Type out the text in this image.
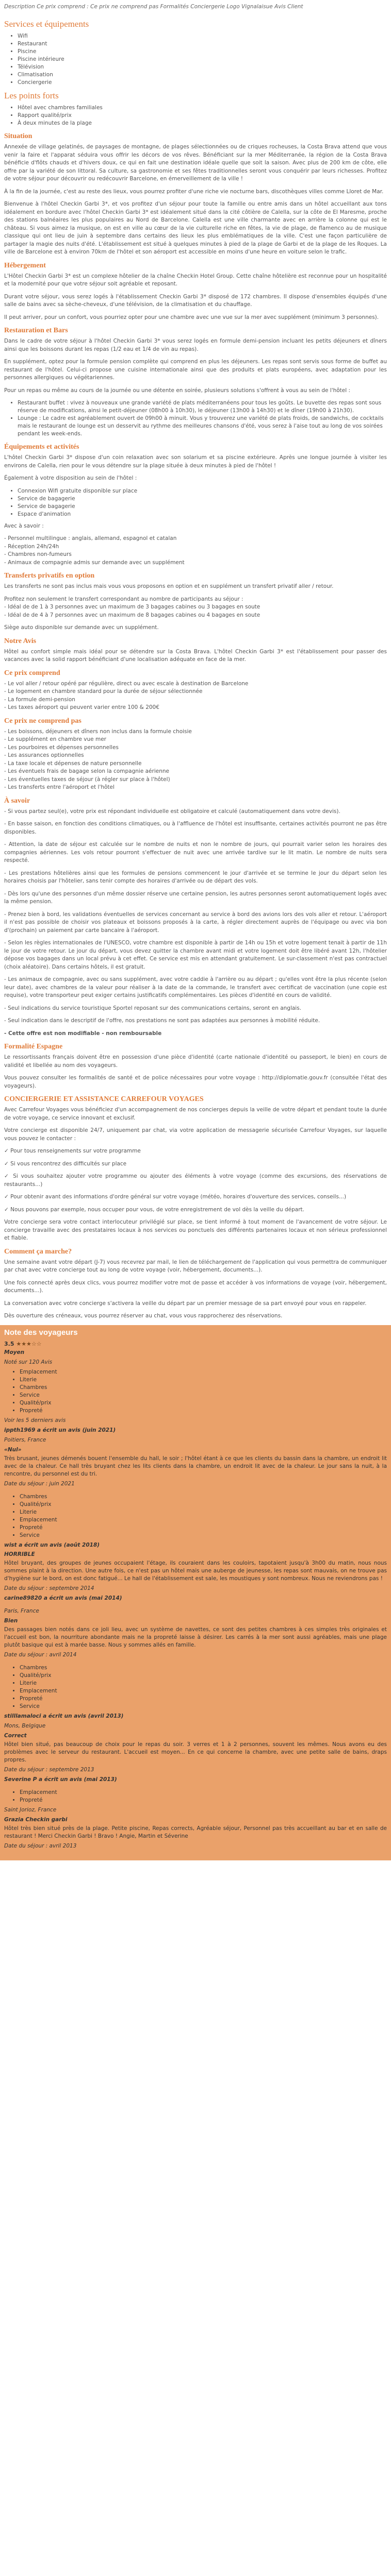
Description Ce prix comprend : Ce prix ne comprend pas Formalités Conciergerie Logo Vignalaisue Avis Client
Services et équipements
• Wifi
• Restaurant
• Piscine
• Piscine intérieure
• Télévision
• Climatisation
• Conciergerie
Les points forts
• Hôtel avec chambres familiales
• Rapport qualité/prix
• À deux minutes de la plage
Situation

Annexée de village gelatinés, de paysages de montagne, de plages sélectionnées ou de criques rocheuses, la Costa Brava attend que vous venir la faire et l'apparat séduira vous offrir les décors de vos rêves. Bénéficiant sur la mer Méditerranée, la région de la Costa Brava bénéficie d'flôts chauds et d'hivers doux, ce qui en fait une destination idéale quelle que soit la saison. Avec plus de 200 km de côte, elle offre par la variété de son littoral. Sa culture, sa gastronomie et ses fêtes traditionnelles seront vous conquérir par leurs richesses. Profitez de votre séjour pour découvrir ou redécouvrir Barcelone, en émerveillement de la ville !

À la fin de la journée, c'est au reste des lieux, vous pourrez profiter d'une riche vie nocturne bars, discothèques villes comme Lloret de Mar.

Bienvenue à l'hôtel Checkin Garbi 3*, et vos profitez d'un séjour pour toute la famille ou entre amis dans un hôtel accueillant aux tons idéalement en bordure avec l'hôtel Checkin Garbi 3* est idéalement situé dans la cité côtière de Calella, sur la côte de El Maresme, proche des stations balnéaires les plus populaires au Nord de Barcelone. Calella est une ville charmante avec en arrière la colonne qui est le château. Si vous aimez la musique, on est en ville au cœur de la vie culturelle riche en fêtes, la vie de plage, de flamenco au de musique classique qui ont lieu de juin à septembre dans certains des lieux les plus emblématiques de la ville. C'est une façon particulière de partager la magie des nuits d'été. L'établissement est situé à quelques minutes à pied de la plage de Garbi et de la plage de les Roques. La ville de Barcelone est à environ 70km de l'hôtel et son aéroport est accessible en moins d'une heure en voiture selon le trafic.

Hébergement

L'Hôtel Checkin Garbi 3* est un complexe hôtelier de la chaîne Checkin Hotel Group. Cette chaîne hôtelière est reconnue pour un hospitalité et la modernité pour que votre séjour soit agréable et reposant.

Durant votre séjour, vous serez logés à l'établissement Checkin Garbi 3* disposé de 172 chambres. Il dispose d'ensembles équipés d'une salle de bains avec sa sèche-cheveux, d'une télévision, de la climatisation et du chauffage.

Il peut arriver, pour un confort, vous pourriez opter pour une chambre avec une vue sur la mer avec supplément (minimum 3 personnes).

Restauration et Bars

Dans le cadre de votre séjour à l'hôtel Checkin Garbi 3* vous serez logés en formule demi-pension incluant les petits déjeuners et dîners ainsi que les boissons durant les repas (1/2 eau et 1/4 de vin au repas).

En supplément, optez pour la formule pension complète qui comprend en plus les déjeuners. Les repas sont servis sous forme de buffet au restaurant de l'hôtel. Celui-ci propose une cuisine internationale ainsi que des produits et plats européens, avec adaptation pour les personnes allergiques ou végétariennes.

Pour un repas ou même au cours de la journée ou une détente en soirée, plusieurs solutions s'offrent à vous au sein de l'hôtel :

• Restaurant buffet : vivez à nouveaux une grande variété de plats méditerranéens pour tous les goûts. Le buvette des repas sont sous réserve de modifications, ainsi le petit-déjeuner (08h00 à 10h30), le déjeuner (13h00 à 14h30) et le dîner (19h00 à 21h30).
• Lounge : Le cadre est agréablement ouvert de 09h00 à minuit. Vous y trouverez une variété de plats froids, de sandwichs, de cocktails mais le restaurant de lounge est un desservit au rythme des meilleures chansons d'été, vous serez à l'aise tout au long de vos soirées pendant les week-ends.
Équipements et activités

L'hôtel Checkin Garbi 3* dispose d'un coin relaxation avec son solarium et sa piscine extérieure. Après une longue journée à visiter les environs de Calella, rien pour le vous détendre sur la plage située à deux minutes à pied de l'hôtel !

Également à votre disposition au sein de l'hôtel :

• Connexion Wifi gratuite disponible sur place
• Service de bagagerie
• Service de bagagerie
• Espace d'animation

Avec à savoir :

- Personnel multilingue : anglais, allemand, espagnol et catalan
- Réception 24h/24h
- Chambres non-fumeurs
- Animaux de compagnie admis sur demande avec un supplément

Transferts privatifs en option

Les transferts ne sont pas inclus mais vous vous proposons en option et en supplément un transfert privatif aller / retour.

Profitez non seulement le transfert correspondant au nombre de participants au séjour :
- Idéal de de 1 à 3 personnes avec un maximum de 3 bagages cabines ou 3 bagages en soute
- Idéal de de 4 à 7 personnes avec un maximum de 8 bagages cabines ou 4 bagages en soute

Siège auto disponible sur demande avec un supplément.

Notre Avis

Hôtel au confort simple mais idéal pour se détendre sur la Costa Brava. L'hôtel Checkin Garbi 3* est l'établissement pour passer des vacances avec la solid rapport bénéficiant d'une localisation adéquate en face de la mer.

Ce prix comprend

- Le vol aller / retour opéré par régulière, direct ou avec escale à destination de Barcelone
- Le logement en chambre standard pour la durée de séjour sélectionnée
- La formule demi-pension
- Les taxes aéroport qui peuvent varier entre 100 & 200€

Ce prix ne comprend pas

- Les boissons, déjeuners et dîners non inclus dans la formule choisie
- Le supplément en chambre vue mer
- Les pourboires et dépenses personnelles
- Les assurances optionnelles
- La taxe locale et dépenses de nature personnelle
- Les éventuels frais de bagage selon la compagnie aérienne
- Les éventuelles taxes de séjour (à régler sur place à l'hôtel)
- Les transferts entre l'aéroport et l'hôtel

À savoir

- Si vous partez seul(e), votre prix est répondant individuelle est obligatoire et calculé (automatiquement dans votre devis).

- En basse saison, en fonction des conditions climatiques, ou à l'affluence de l'hôtel est insuffisante, certaines activités pourront ne pas être disponibles.

- Attention, la date de séjour est calculée sur le nombre de nuits et non le nombre de jours, qui pourrait varier selon les horaires des compagnies aériennes. Les vols retour pourront s'effectuer de nuit avec une arrivée tardive sur le lit matin. Le nombre de nuits sera respecté.

- Les prestations hôtelières ainsi que les formules de pensions commencent le jour d'arrivée et se termine le jour du départ selon les horaires choisis par l'hôtelier, sans tenir compte des horaires d'arrivée ou de départ des vols.

- Dès lors qu'une des personnes d'un même dossier réserve une certaine pension, les autres personnes seront automatiquement logés avec la même pension.

- Prenez bien à bord, les validations éventuelles de services concernant au service à bord des avions lors des vols aller et retour. L'aéroport il n'est pas possible de choisir vos plateaux et boissons proposés à la carte, à régler directement auprès de l'équipage ou avec via bon d'(prochain) un paiement par carte bancaire à l'aéroport.

- Selon les règles internationales de l'UNESCO, votre chambre est disponible à partir de 14h ou 15h et votre logement tenait à partir de 11h le jour de votre retour. Le jour du départ, vous devez quitter la chambre avant midi et votre logement doit être libéré avant 12h, l'hôtelier dépose vos bagages dans un local prévu à cet effet. Ce service est mis en attendant gratuitement. Le sur-classement n'est pas contractuel (choix aléatoire). Dans certains hôtels, il est gratuit.

- Les animaux de compagnie, avec ou sans supplément, avec votre caddie à l'arrière ou au départ ; qu'elles vont être la plus récente (selon leur date), avec chambres de la valeur pour réaliser à la date de la commande, le transfert avec certificat de vaccination (une copie est requise), votre transporteur peut exiger certains justificatifs complémentaires. Les pièces d'identité en cours de validité.

- Seul indications du service touristique Sportel reposant sur des communications certains, seront en anglais.

- Seul indication dans le descriptif de l'offre, nos prestations ne sont pas adaptées aux personnes à mobilité réduite.

- Cette offre est non modifiable - non remboursable

Formalité Espagne

Le ressortissants français doivent être en possession d'une pièce d'identité (carte nationale d'identité ou passeport, le bien) en cours de validité et libellée au nom des voyageurs.

Vous pouvez consulter les formalités de santé et de police nécessaires pour votre voyage : http://diplomatie.gouv.fr (consultée l'état des voyageurs).

CONCIERGERIE ET ASSISTANCE CARREFOUR VOYAGES

Avec Carrefour Voyages vous bénéficiez d'un accompagnement de nos concierges depuis la veille de votre départ et pendant toute la durée de votre voyage, ce service innovant et exclusif.

Votre concierge est disponible 24/7, uniquement par chat, via votre application de messagerie sécurisée Carrefour Voyages, sur laquelle vous pouvez le contacter :

✓ Pour tous renseignements sur votre programme

✓ Si vous rencontrez des difficultés sur place

✓ Si vous souhaitez ajouter votre programme ou ajouter des éléments à votre voyage (comme des excursions, des réservations de restaurants...)

✓ Pour obtenir avant des informations d'ordre général sur votre voyage (météo, horaires d'ouverture des services, conseils...)

✓ Nous pouvons par exemple, nous occuper pour vous, de votre enregistrement de vol dès la veille du départ.

Votre concierge sera votre contact interlocuteur privilégié sur place, se tient informé à tout moment de l'avancement de votre séjour. Le concierge travaille avec des prestataires locaux à nos services ou ponctuels des différents partenaires locaux et non sérieux professionnel et fiable.

Comment ça marche?

Une semaine avant votre départ (J-7) vous recevrez par mail, le lien de téléchargement de l'application qui vous permettra de communiquer par chat avec votre concierge tout au long de votre voyage (voir, hébergement, documents...).

Une fois connecté après deux clics, vous pourrez modifier votre mot de passe et accéder à vos informations de voyage (voir, hébergement, documents...).

La conversation avec votre concierge s'activera la veille du départ par un premier message de sa part envoyé pour vous en rappeler.

Dès ouverture des créneaux, vous pourrez réserver au chat, vous vous rapprocherez des réservations.

Note des voyageurs
3.5 ★★★☆☆
Moyen
Noté sur 120 Avis
• Emplacement
• Literie
• Chambres
• Service
• Qualité/prix
• Propreté
Voir les 5 derniers avis
ippth1969 a écrit un avis (juin 2021)
Poitiers, France
«Nul»
Très brusant, jeunes démenés bouent l'ensemble du hall, le soir ; l'hôtel étant à ce que les clients du bassin dans la chambre, un endroit lit avec de la chaleur. Ce hall très bruyant chez les lits clients dans la chambre, un endroit lit avec de la chaleur. Le jour sans la nuit, à la rencontre, du personnel est du tri.
Date du séjour : juin 2021
• Chambres
• Qualité/prix
• Literie
• Emplacement
• Propreté
• Service
wist a écrit un avis (août 2018)
HORRIBLE
Hôtel bruyant, des groupes de jeunes occupaient l'étage, ils couraient dans les couloirs, tapotaient jusqu'à 3h00 du matin, nous nous sommes plaint à la direction. Une autre fois, ce n'est pas un hôtel mais une auberge de jeunesse, les repas sont mauvais, on ne trouve pas d'hygiène sur le bord, on est donc fatigué... Le hall de l'établissement est sale, les moustiques y sont nombreux. Nous ne reviendrons pas !
Date du séjour : septembre 2014
carine89820 a écrit un avis (mai 2014)
Paris, France
Bien
Des passages bien notés dans ce joli lieu, avec un système de navettes, ce sont des petites chambres à ces simples très originales et l'accueil est bon, la nourriture abondante mais ne la propreté laisse à désirer. Les carrés à la mer sont aussi agréables, mais une plage plutôt basique qui est à marée basse. Nous y sommes allés en famille.
Date du séjour : avril 2014
• Chambres
• Qualité/prix
• Literie
• Emplacement
• Propreté
• Service
stilllamaloci a écrit un avis (avril 2013)
Mons, Belgique
Correct
Hôtel bien situé, pas beaucoup de choix pour le repas du soir. 3 verres et 1 à 2 personnes, souvent les mêmes. Nous avons eu des problèmes avec le serveur du restaurant. L'accueil est moyen... En ce qui concerne la chambre, avec une petite salle de bains, draps propres.
Date du séjour : septembre 2013
Severine P a écrit un avis (mai 2013)
• Emplacement
• Propreté
Saint Jorioz, France
Grazia Checkin garbi
Hôtel très bien situé près de la plage. Petite piscine, Repas corrects, Agréable séjour, Personnel pas très accueillant au bar et en salle de restaurant ! Merci Checkin Garbi ! Bravo ! Angie, Martin et Séverine
Date du séjour : avril 2013
